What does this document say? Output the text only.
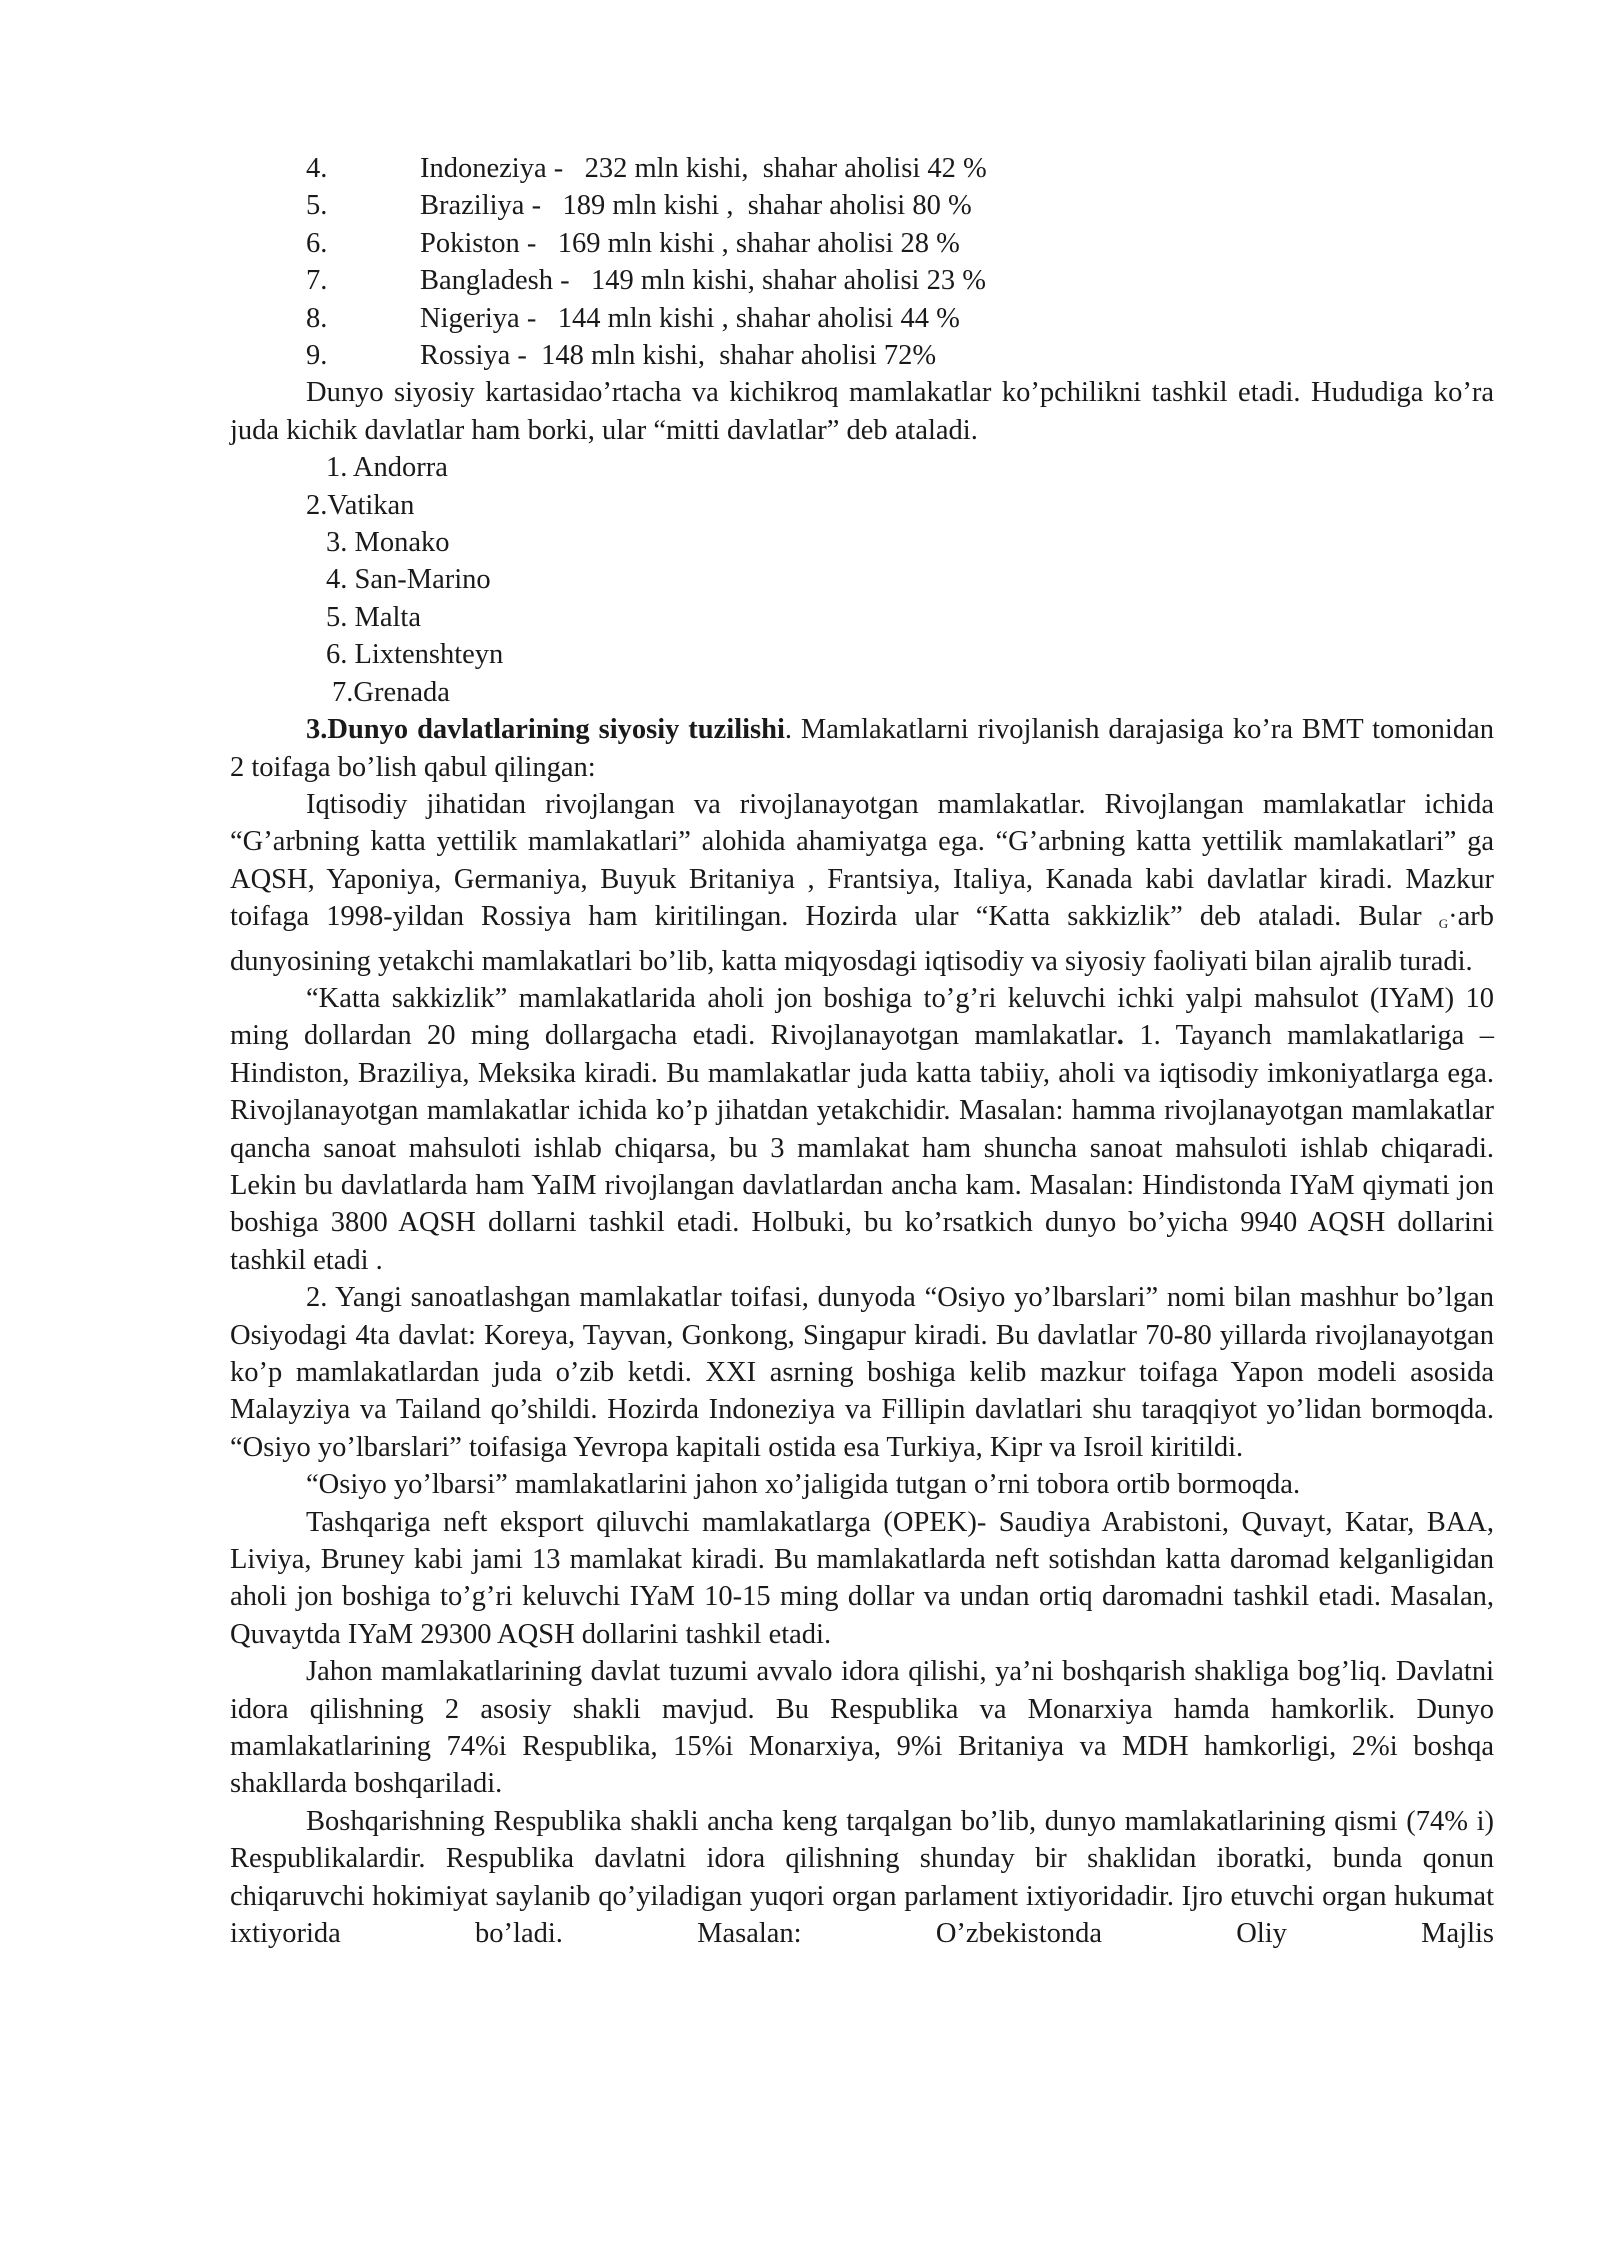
4.	Indoneziya -   232 mln kishi,  shahar aholisi 42 %
5.	Braziliya -   189 mln kishi ,  shahar aholisi 80 %
6.	Pokiston -   169 mln kishi , shahar aholisi 28 %
7.	Bangladesh -   149 mln kishi, shahar aholisi 23 %
8.	Nigeriya -   144 mln kishi , shahar aholisi 44 %
9.	Rossiya -  148 mln kishi,  shahar aholisi 72%

Dunyo siyosiy kartasidao’rtacha va kichikroq mamlakatlar ko’pchilikni tashkil etadi. Hududiga ko’ra juda kichik davlatlar ham borki, ular “mitti davlatlar” deb ataladi.

1. Andorra
2.Vatikan
3. Monako
4. San-Marino
5. Malta
6. Lixtenshteyn
7.Grenada

3.Dunyo davlatlarining siyosiy tuzilishi. Mamlakatlarni rivojlanish darajasiga ko’ra BMT tomonidan 2 toifaga bo’lish qabul qilingan:

Iqtisodiy jihatidan rivojlangan va rivojlanayotgan mamlakatlar. Rivojlangan mamlakatlar ichida “G’arbning katta yettilik mamlakatlari” alohida ahamiyatga ega. “G’arbning katta yettilik mamlakatlari” ga AQSH, Yaponiya, Germaniya, Buyuk Britaniya , Frantsiya, Italiya, Kanada kabi davlatlar kiradi. Mazkur toifaga 1998-yildan Rossiya ham kiritilingan. Hozirda ular “Katta sakkizlik” deb ataladi. Bular $_G$·arb dunyosining yetakchi mamlakatlari bo’lib, katta miqyosdagi iqtisodiy va siyosiy faoliyati bilan ajralib turadi.

“Katta sakkizlik” mamlakatlarida aholi jon boshiga to’g’ri keluvchi ichki yalpi mahsulot (IYaM) 10 ming dollardan 20 ming dollargacha etadi. Rivojlanayotgan mamlakatlar. 1. Tayanch mamlakatlariga – Hindiston, Braziliya, Meksika kiradi. Bu mamlakatlar juda katta tabiiy, aholi va iqtisodiy imkoniyatlarga ega. Rivojlanayotgan mamlakatlar ichida ko’p jihatdan yetakchidir. Masalan: hamma rivojlanayotgan mamlakatlar qancha sanoat mahsuloti ishlab chiqarsa, bu 3 mamlakat ham shuncha sanoat mahsuloti ishlab chiqaradi. Lekin bu davlatlarda ham YaIM rivojlangan davlatlardan ancha kam. Masalan: Hindistonda IYaM qiymati jon boshiga 3800 AQSH dollarni tashkil etadi. Holbuki, bu ko’rsatkich dunyo bo’yicha 9940 AQSH dollarini tashkil etadi .

2. Yangi sanoatlashgan mamlakatlar toifasi, dunyoda “Osiyo yo’lbarslari” nomi bilan mashhur bo’lgan Osiyodagi 4ta davlat: Koreya, Tayvan, Gonkong, Singapur kiradi. Bu davlatlar 70-80 yillarda rivojlanayotgan ko’p mamlakatlardan juda o’zib ketdi. XXI asrning boshiga kelib mazkur toifaga Yapon modeli asosida Malayziya va Tailand qo’shildi. Hozirda Indoneziya va Fillipin davlatlari shu taraqqiyot yo’lidan bormoqda. “Osiyo yo’lbarslari” toifasiga Yevropa kapitali ostida esa Turkiya, Kipr va Isroil kiritildi.

“Osiyo yo’lbarsi” mamlakatlarini jahon xo’jaligida tutgan o’rni tobora ortib bormoqda.

Tashqariga neft eksport qiluvchi mamlakatlarga (OPEK)- Saudiya Arabistoni, Quvayt, Katar, BAA, Liviya, Bruney kabi jami 13 mamlakat kiradi. Bu mamlakatlarda neft sotishdan katta daromad kelganligidan aholi jon boshiga to’g’ri keluvchi IYaM 10-15 ming dollar va undan ortiq daromadni tashkil etadi. Masalan, Quvaytda IYaM 29300 AQSH dollarini tashkil etadi.

Jahon mamlakatlarining davlat tuzumi avvalo idora qilishi, ya’ni boshqarish shakliga bog’liq. Davlatni idora qilishning 2 asosiy shakli mavjud. Bu Respublika va Monarxiya hamda hamkorlik. Dunyo mamlakatlarining 74%i Respublika, 15%i Monarxiya, 9%i Britaniya va MDH hamkorligi, 2%i boshqa shakllarda boshqariladi.

Boshqarishning Respublika shakli ancha keng tarqalgan bo’lib, dunyo mamlakatlarining qismi (74% i) Respublikalardir. Respublika davlatni idora qilishning shunday bir shaklidan iboratki, bunda qonun chiqaruvchi hokimiyat saylanib qo’yiladigan yuqori organ parlament ixtiyoridadir. Ijro etuvchi organ hukumat ixtiyorida bo’ladi. Masalan: O’zbekistonda Oliy Majlis
